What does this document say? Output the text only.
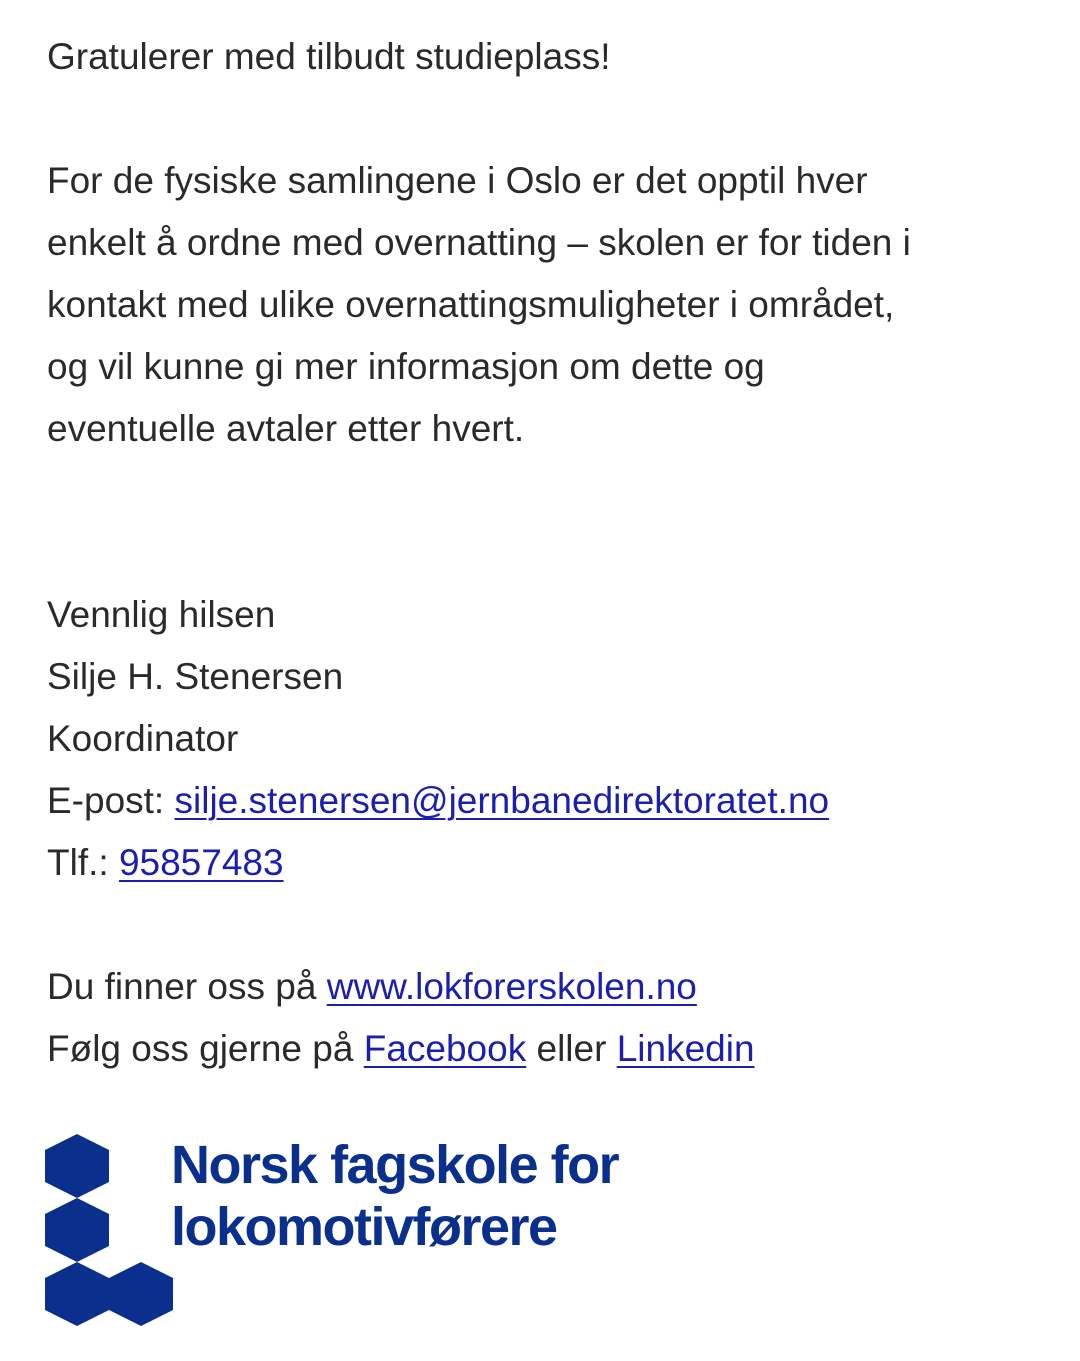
Gratulerer med tilbudt studieplass!

For de fysiske samlingene i Oslo er det opptil hver

enkelt å ordne med overnatting – skolen er for tiden i

kontakt med ulike overnattingsmuligheter i området,

og vil kunne gi mer informasjon om dette og

eventuelle avtaler etter hvert.

Vennlig hilsen

Silje H. Stenersen

Koordinator

E-post: silje.stenersen@jernbanedirektoratet.no

Tlf.: 95857483

Du finner oss på www.lokforerskolen.no

Følg oss gjerne på Facebook eller Linkedin

Norsk fagskole for
lokomotivførere
